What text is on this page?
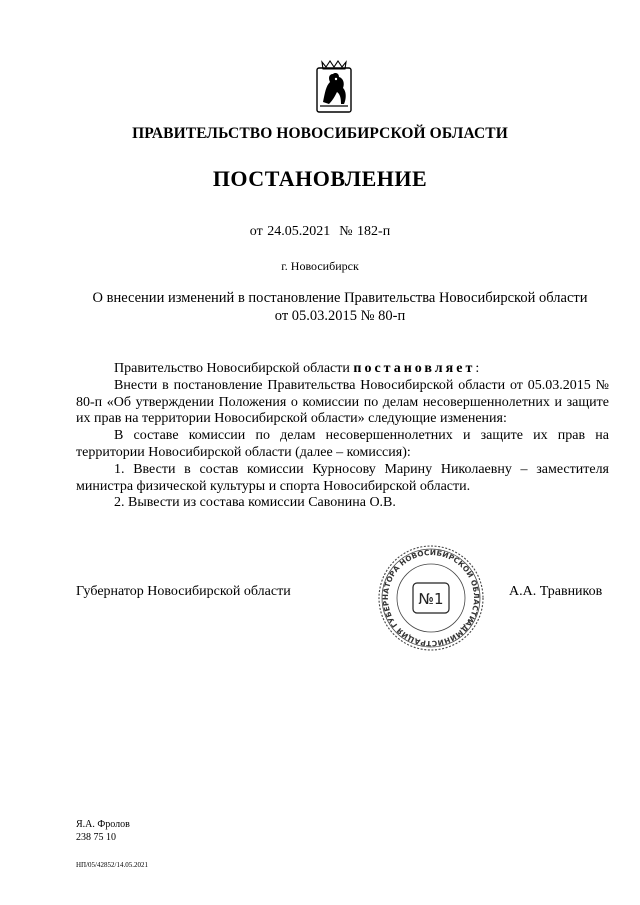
ПРАВИТЕЛЬСТВО НОВОСИБИРСКОЙ ОБЛАСТИ
ПОСТАНОВЛЕНИЕ
от 24.05.2021 № 182-п
г. Новосибирск
О внесении изменений в постановление Правительства Новосибирской области
от 05.03.2015 № 80-п

Правительство Новосибирской области постановляет:

Внести в постановление Правительства Новосибирской области от 05.03.2015 № 80-п «Об утверждении Положения о комиссии по делам несовершеннолетних и защите их прав на территории Новосибирской области» следующие изменения:

В составе комиссии по делам несовершеннолетних и защите их прав на территории Новосибирской области (далее – комиссия):

1. Ввести в состав комиссии Курносову Марину Николаевну – заместителя министра физической культуры и спорта Новосибирской области.

2. Вывести из состава комиссии Савонина О.В.

Губернатор Новосибирской области	А.А. Травников
АДМИНИСТРАЦИЯ ГУБЕРНАТОРА НОВОСИБИРСКОЙ ОБЛАСТИ
№1
Я.А. Фролов
238 75 10
НП/05/42852/14.05.2021
